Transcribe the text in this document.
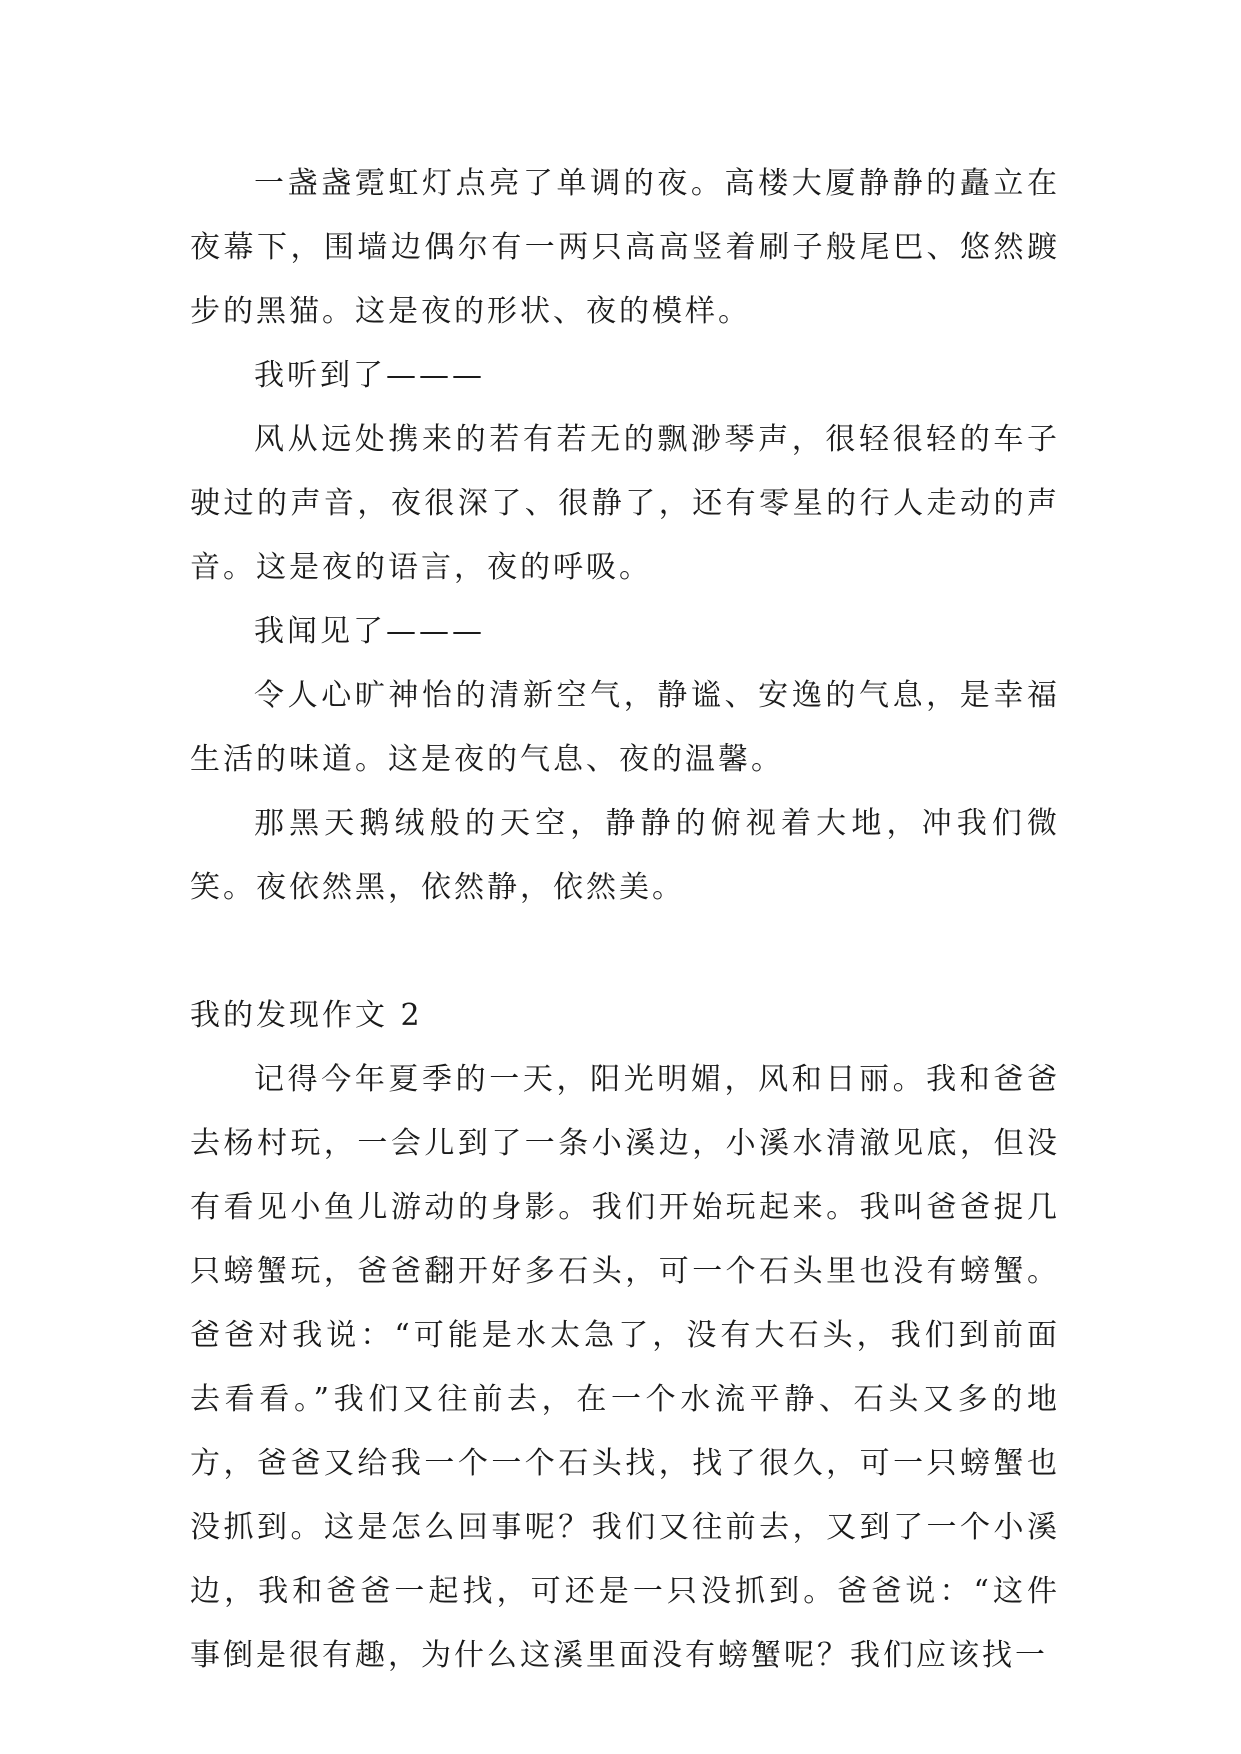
一盏盏霓虹灯点亮了单调的夜。高楼大厦静静的矗立在夜幕下，围墙边偶尔有一两只高高竖着刷子般尾巴、悠然踱步的黑猫。这是夜的形状、夜的模样。

我听到了———

风从远处携来的若有若无的飘渺琴声，很轻很轻的车子驶过的声音，夜很深了、很静了，还有零星的行人走动的声音。这是夜的语言，夜的呼吸。

我闻见了———

令人心旷神怡的清新空气，静谧、安逸的气息，是幸福生活的味道。这是夜的气息、夜的温馨。

那黑天鹅绒般的天空，静静的俯视着大地，冲我们微笑。夜依然黑，依然静，依然美。

我的发现作文 2

记得今年夏季的一天，阳光明媚，风和日丽。我和爸爸去杨村玩，一会儿到了一条小溪边，小溪水清澈见底，但没有看见小鱼儿游动的身影。我们开始玩起来。我叫爸爸捉几只螃蟹玩，爸爸翻开好多石头，可一个石头里也没有螃蟹。爸爸对我说：“可能是水太急了，没有大石头，我们到前面去看看。”我们又往前去，在一个水流平静、石头又多的地方，爸爸又给我一个一个石头找，找了很久，可一只螃蟹也没抓到。这是怎么回事呢？我们又往前去，又到了一个小溪边，我和爸爸一起找，可还是一只没抓到。爸爸说：“这件事倒是很有趣，为什么这溪里面没有螃蟹呢？我们应该找一
